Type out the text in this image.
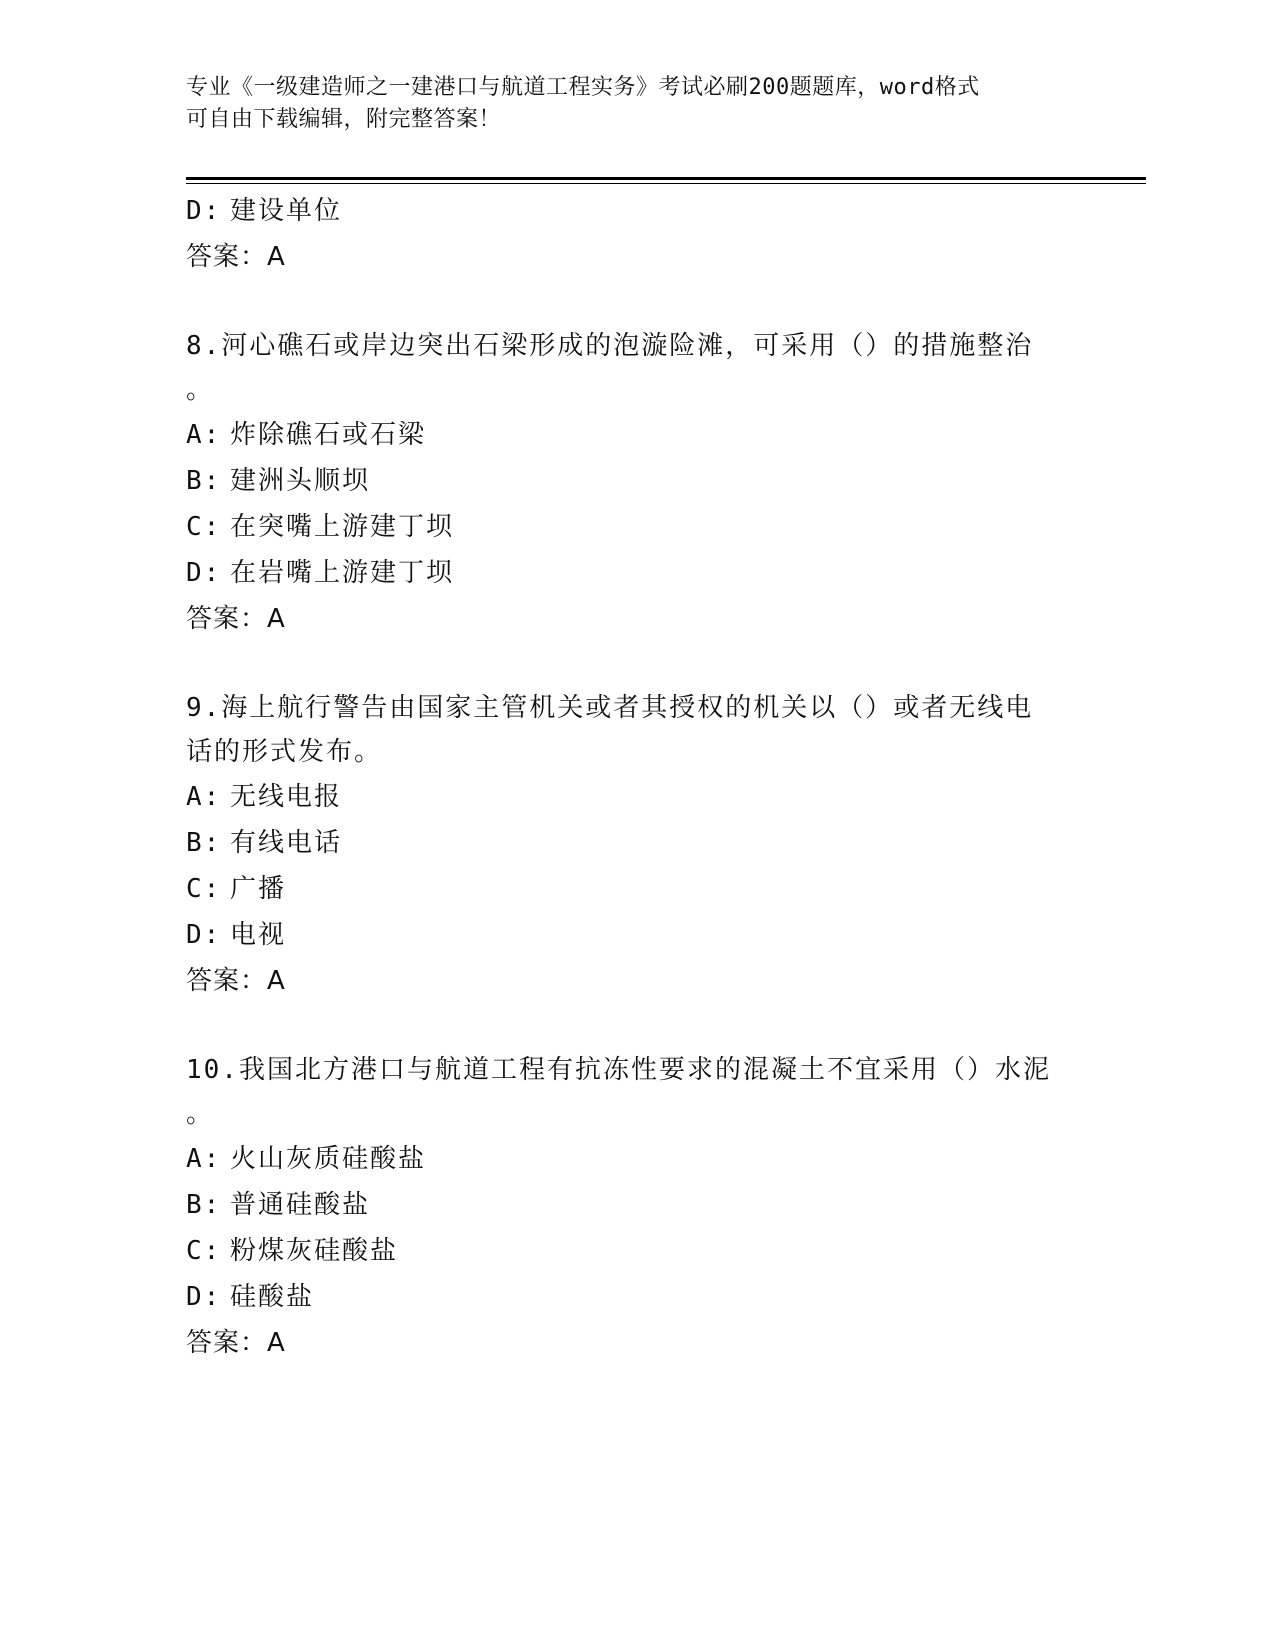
专业《一级建造师之一建港口与航道工程实务》考试必刷200题题库，word格式
可自由下载编辑，附完整答案！
D: 建设单位
答案：A
8.河心礁石或岸边突出石梁形成的泡漩险滩，可采用（）的措施整治
。
A: 炸除礁石或石梁
B: 建洲头顺坝
C: 在突嘴上游建丁坝
D: 在岩嘴上游建丁坝
答案：A
9.海上航行警告由国家主管机关或者其授权的机关以（）或者无线电
话的形式发布。
A: 无线电报
B: 有线电话
C: 广播
D: 电视
答案：A
10.我国北方港口与航道工程有抗冻性要求的混凝土不宜采用（）水泥
。
A: 火山灰质硅酸盐
B: 普通硅酸盐
C: 粉煤灰硅酸盐
D: 硅酸盐
答案：A
